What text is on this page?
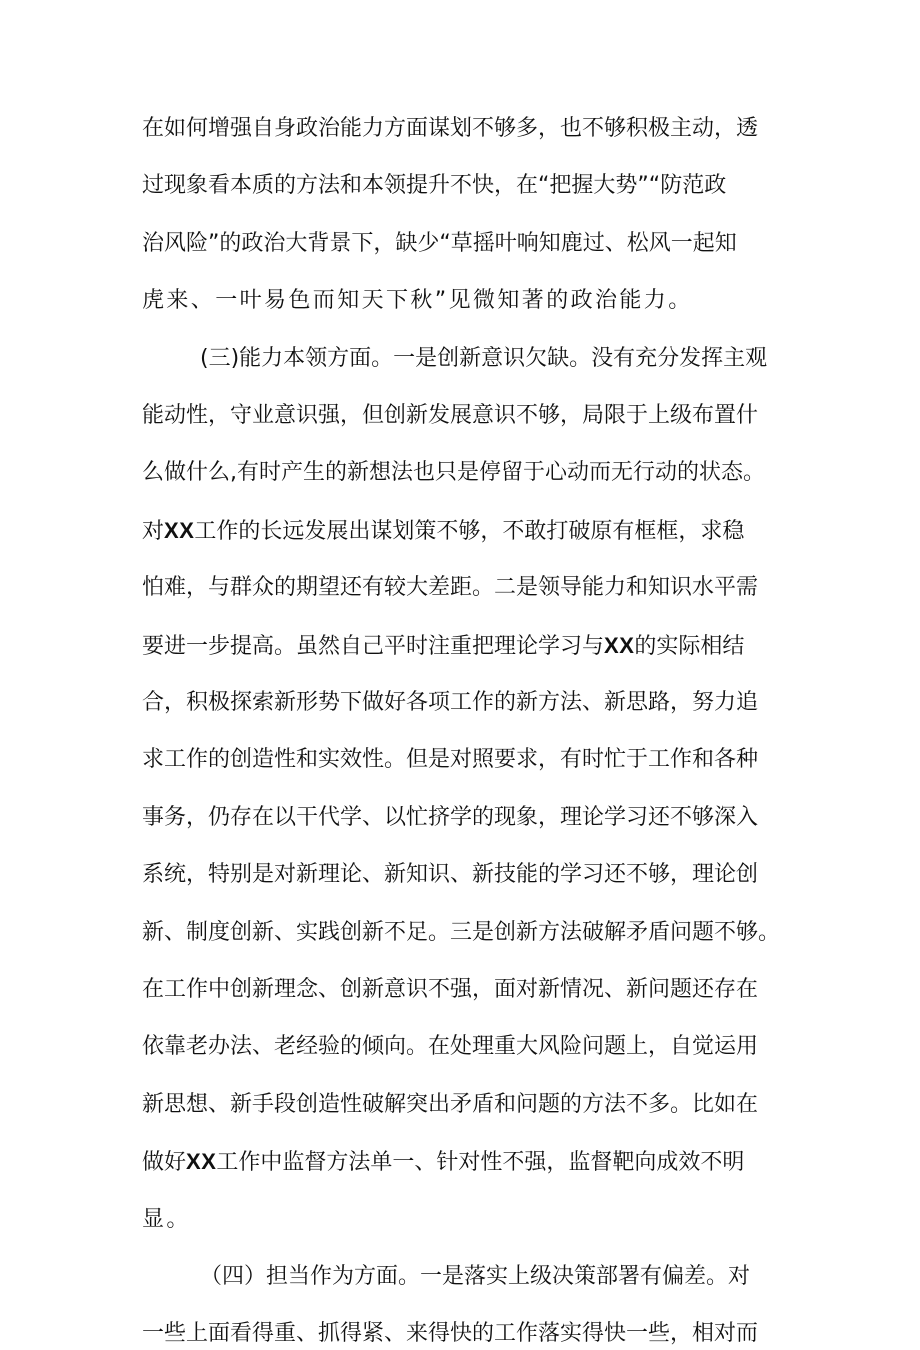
在如何增强自身政治能力方面谋划不够多，也不够积极主动，透
过现象看本质的方法和本领提升不快，在“把握大势”“防范政
治风险”的政治大背景下，缺少“草摇叶响知鹿过、松风一起知
虎来、一叶易色而知天下秋”见微知著的政治能力。
(三)能力本领方面。一是创新意识欠缺。没有充分发挥主观
能动性，守业意识强，但创新发展意识不够，局限于上级布置什
么做什么,有时产生的新想法也只是停留于心动而无行动的状态。
对XX工作的长远发展出谋划策不够，不敢打破原有框框，求稳
怕难，与群众的期望还有较大差距。二是领导能力和知识水平需
要进一步提高。虽然自己平时注重把理论学习与XX的实际相结
合，积极探索新形势下做好各项工作的新方法、新思路，努力追
求工作的创造性和实效性。但是对照要求，有时忙于工作和各种
事务，仍存在以干代学、以忙挤学的现象，理论学习还不够深入
系统，特别是对新理论、新知识、新技能的学习还不够，理论创
新、制度创新、实践创新不足。三是创新方法破解矛盾问题不够。
在工作中创新理念、创新意识不强，面对新情况、新问题还存在
依靠老办法、老经验的倾向。在处理重大风险问题上，自觉运用
新思想、新手段创造性破解突出矛盾和问题的方法不多。比如在
做好XX工作中监督方法单一、针对性不强，监督靶向成效不明
显。
（四）担当作为方面。一是落实上级决策部署有偏差。对
一些上面看得重、抓得紧、来得快的工作落实得快一些，相对而
